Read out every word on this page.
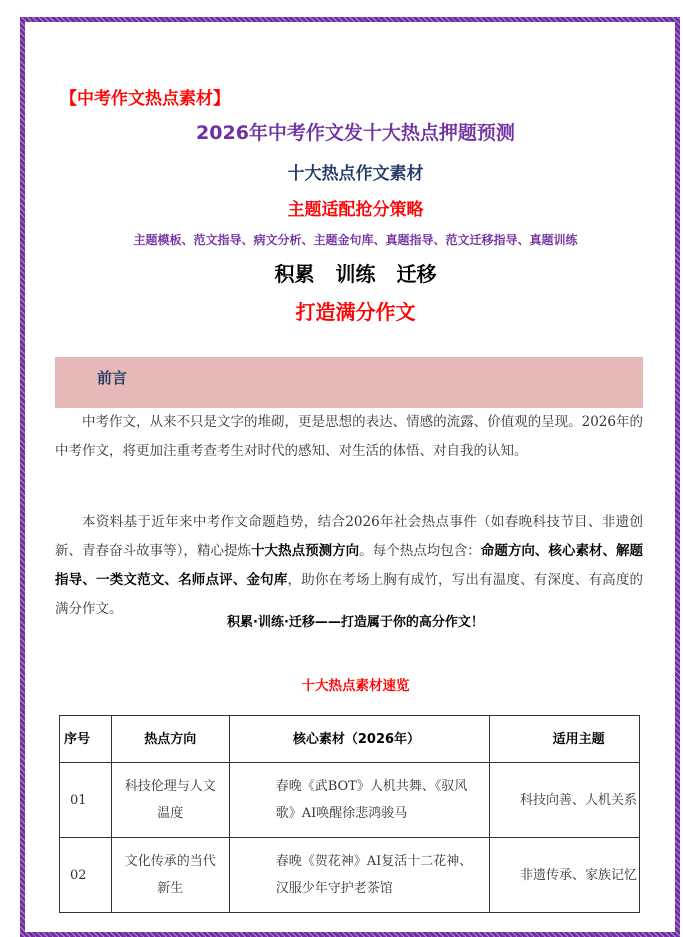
【中考作文热点素材】
2026年中考作文发十大热点押题预测
十大热点作文素材
主题适配抢分策略
主题模板、范文指导、病文分析、主题金句库、真题指导、范文迁移指导、真题训练
积累 训练 迁移
打造满分作文
前言

中考作文，从来不只是文字的堆砌，更是思想的表达、情感的流露、价值观的呈现。2026年的中考作文，将更加注重考查考生对时代的感知、对生活的体悟、对自我的认知。

本资料基于近年来中考作文命题趋势，结合2026年社会热点事件（如春晚科技节目、非遗创新、青春奋斗故事等），精心提炼十大热点预测方向。每个热点均包含：命题方向、核心素材、解题指导、一类文范文、名师点评、金句库，助你在考场上胸有成竹，写出有温度、有深度、有高度的满分作文。

积累·训练·迁移——打造属于你的高分作文！
十大热点素材速览
序号	热点方向	核心素材（2026年）	适用主题
01	科技伦理与人文温度	春晚《武BOT》人机共舞、《驭风歌》AI唤醒徐悲鸿骏马	科技向善、人机关系
02	文化传承的当代新生	春晚《贺花神》AI复活十二花神、汉服少年守护老茶馆	非遗传承、家族记忆
